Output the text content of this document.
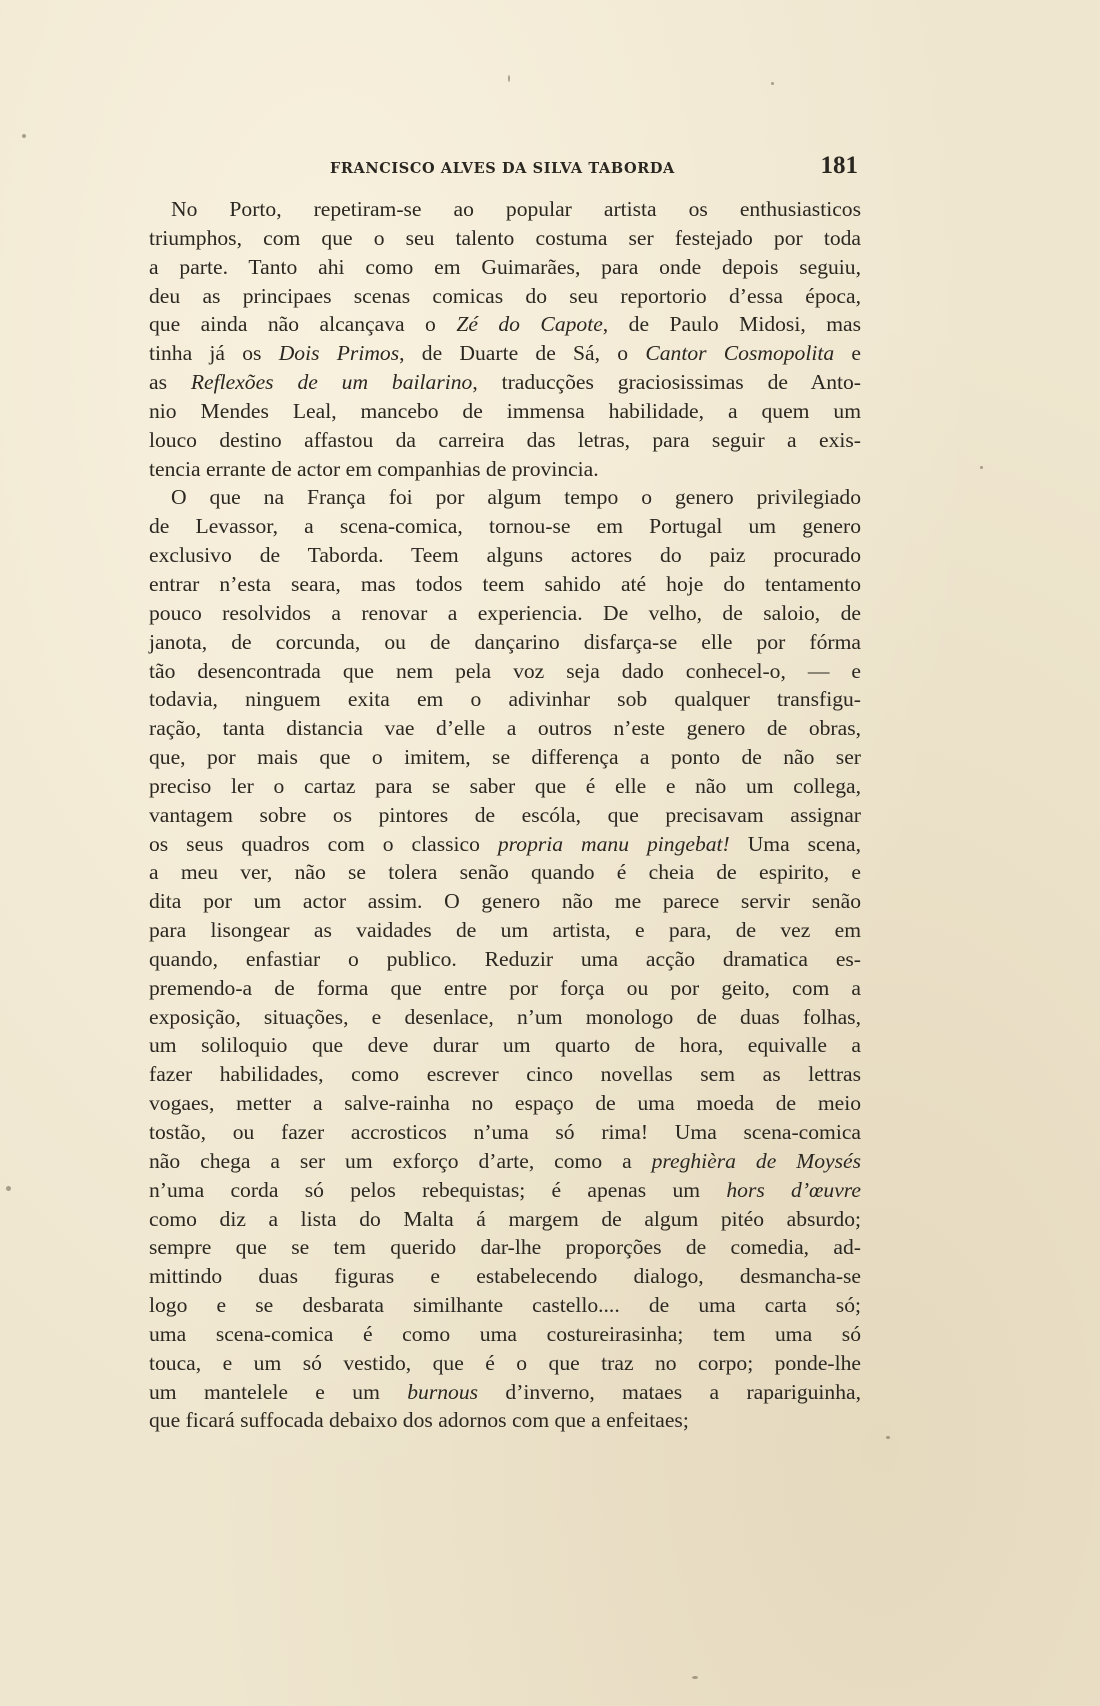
FRANCISCO ALVES DA SILVA TABORDA	181

No Porto, repetiram-se ao popular artista os enthusiasticos
triumphos, com que o seu talento costuma ser festejado por toda
a parte. Tanto ahi como em Guimarães, para onde depois seguiu,
deu as principaes scenas comicas do seu reportorio d’essa época,
que ainda não alcançava o Zé do Capote, de Paulo Midosi, mas
tinha já os Dois Primos, de Duarte de Sá, o Cantor Cosmopolita e
as Reflexões de um bailarino, traducções graciosissimas de Anto-
nio Mendes Leal, mancebo de immensa habilidade, a quem um
louco destino affastou da carreira das letras, para seguir a exis-
tencia errante de actor em companhias de provincia.

O que na França foi por algum tempo o genero privilegiado
de Levassor, a scena-comica, tornou-se em Portugal um genero
exclusivo de Taborda. Teem alguns actores do paiz procurado
entrar n’esta seara, mas todos teem sahido até hoje do tentamento
pouco resolvidos a renovar a experiencia. De velho, de saloio, de
janota, de corcunda, ou de dançarino disfarça-se elle por fórma
tão desencontrada que nem pela voz seja dado conhecel-o, — e
todavia, ninguem exita em o adivinhar sob qualquer transfigu-
ração, tanta distancia vae d’elle a outros n’este genero de obras,
que, por mais que o imitem, se differença a ponto de não ser
preciso ler o cartaz para se saber que é elle e não um collega,
vantagem sobre os pintores de escóla, que precisavam assignar
os seus quadros com o classico propria manu pingebat! Uma scena,
a meu ver, não se tolera senão quando é cheia de espirito, e
dita por um actor assim. O genero não me parece servir senão
para lisongear as vaidades de um artista, e para, de vez em
quando, enfastiar o publico. Reduzir uma acção dramatica es-
premendo-a de forma que entre por força ou por geito, com a
exposição, situações, e desenlace, n’um monologo de duas folhas,
um soliloquio que deve durar um quarto de hora, equivalle a
fazer habilidades, como escrever cinco novellas sem as lettras
vogaes, metter a salve-rainha no espaço de uma moeda de meio
tostão, ou fazer accrosticos n’uma só rima! Uma scena-comica
não chega a ser um exforço d’arte, como a preghièra de Moysés
n’uma corda só pelos rebequistas; é apenas um hors d’œuvre
como diz a lista do Malta á margem de algum pitéo absurdo;
sempre que se tem querido dar-lhe proporções de comedia, ad-
mittindo duas figuras e estabelecendo dialogo, desmancha-se
logo e se desbarata similhante castello.... de uma carta só;
uma scena-comica é como uma costureirasinha; tem uma só
touca, e um só vestido, que é o que traz no corpo; ponde-lhe
um mantelele e um burnous d’inverno, mataes a rapariguinha,
que ficará suffocada debaixo dos adornos com que a enfeitaes;
